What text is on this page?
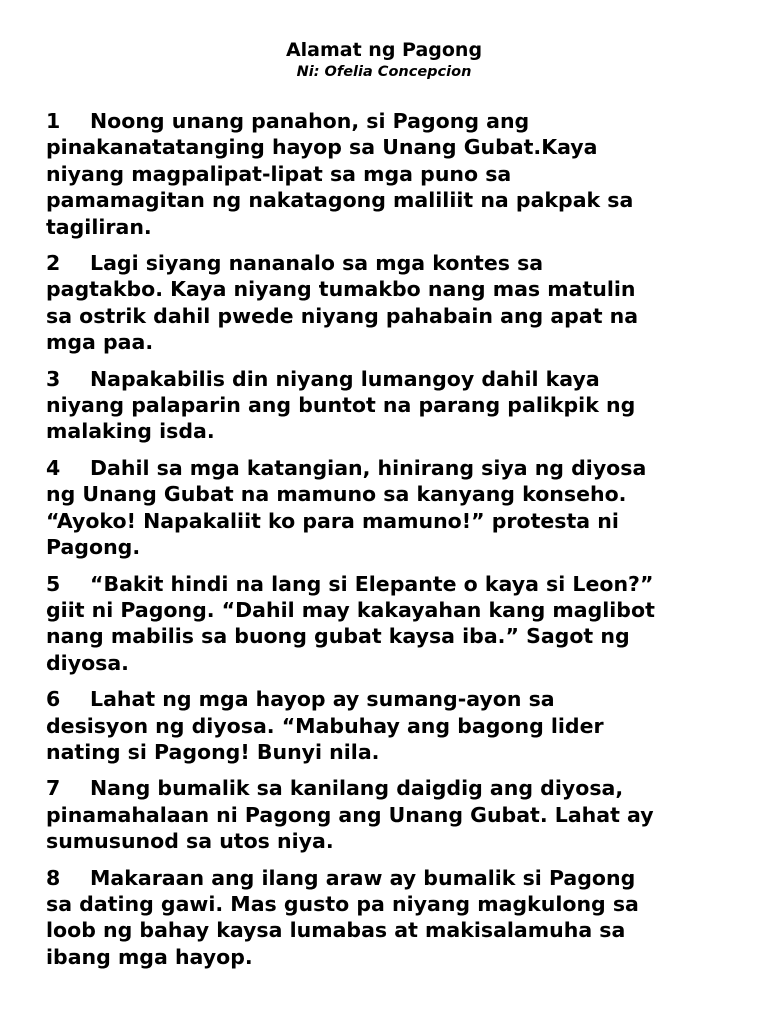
Alamat ng Pagong
Ni: Ofelia Concepcion
1 Noong unang panahon, si Pagong ang
pinakanatatanging hayop sa Unang Gubat.Kaya
niyang magpalipat-lipat sa mga puno sa
pamamagitan ng nakatagong maliliit na pakpak sa
tagiliran.
2 Lagi siyang nananalo sa mga kontes sa
pagtakbo. Kaya niyang tumakbo nang mas matulin
sa ostrik dahil pwede niyang pahabain ang apat na
mga paa.
3 Napakabilis din niyang lumangoy dahil kaya
niyang palaparin ang buntot na parang palikpik ng
malaking isda.
4 Dahil sa mga katangian, hinirang siya ng diyosa
ng Unang Gubat na mamuno sa kanyang konseho.
“Ayoko! Napakaliit ko para mamuno!” protesta ni
Pagong.
5 “Bakit hindi na lang si Elepante o kaya si Leon?”
giit ni Pagong. “Dahil may kakayahan kang maglibot
nang mabilis sa buong gubat kaysa iba.” Sagot ng
diyosa.
6 Lahat ng mga hayop ay sumang-ayon sa
desisyon ng diyosa. “Mabuhay ang bagong lider
nating si Pagong! Bunyi nila.
7 Nang bumalik sa kanilang daigdig ang diyosa,
pinamahalaan ni Pagong ang Unang Gubat. Lahat ay
sumusunod sa utos niya.
8 Makaraan ang ilang araw ay bumalik si Pagong
sa dating gawi. Mas gusto pa niyang magkulong sa
loob ng bahay kaysa lumabas at makisalamuha sa
ibang mga hayop.
